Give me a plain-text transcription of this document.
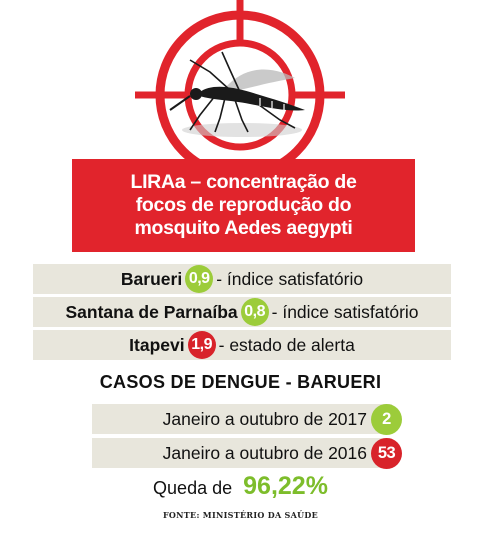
LIRAa – concentração de
focos de reprodução do
mosquito Aedes aegypti
Barueri 0,9 - índice satisfatório
Santana de Parnaíba 0,8 - índice satisfatório
Itapevi 1,9 - estado de alerta
CASOS DE DENGUE - BARUERI
Janeiro a outubro de 2017 2
Janeiro a outubro de 2016 53
Queda de 96,22%
FONTE: MINISTÉRIO DA SAÚDE
